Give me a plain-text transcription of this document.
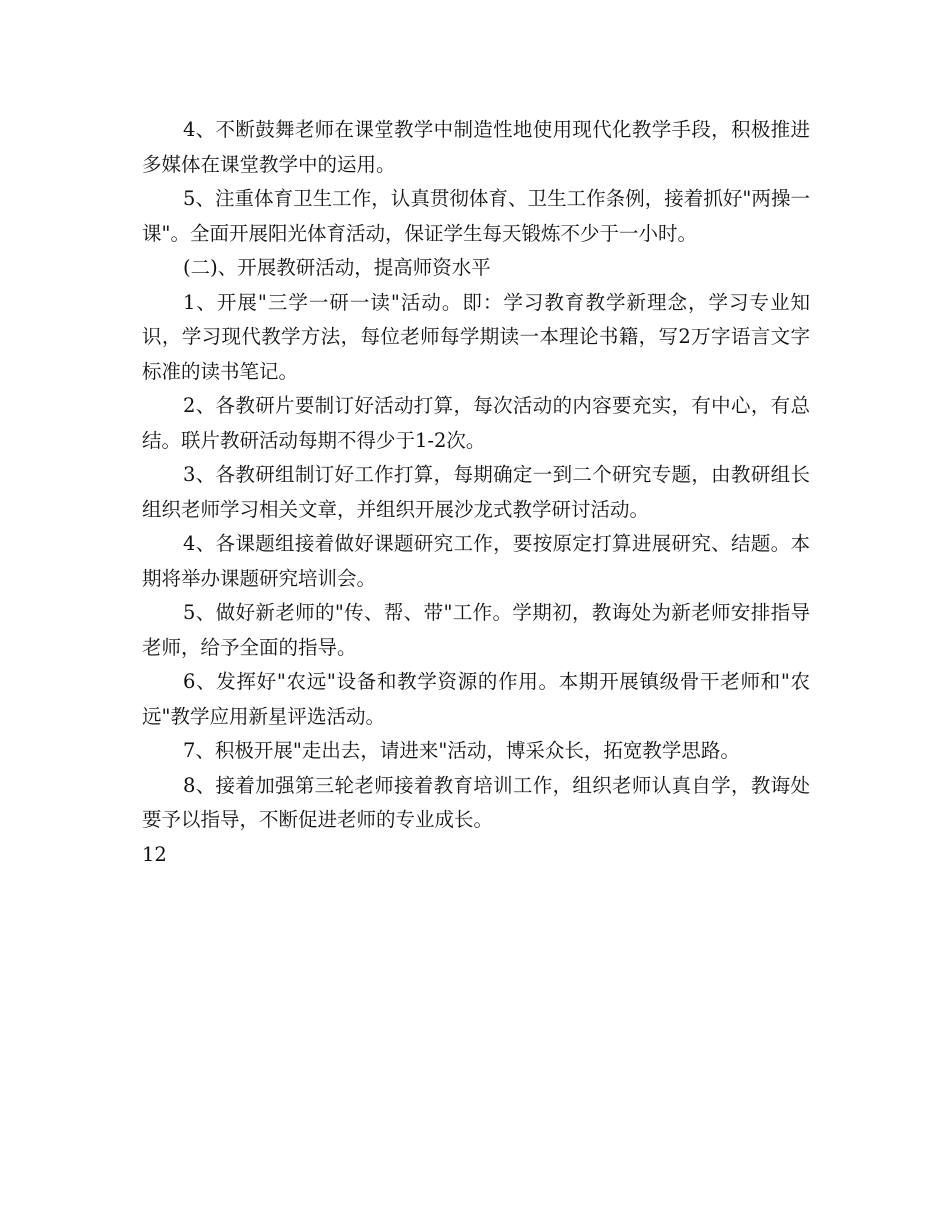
4、不断鼓舞老师在课堂教学中制造性地使用现代化教学手段，积极推进多媒体在课堂教学中的运用。

5、注重体育卫生工作，认真贯彻体育、卫生工作条例，接着抓好"两操一课"。全面开展阳光体育活动，保证学生每天锻炼不少于一小时。

(二)、开展教研活动，提高师资水平

1、开展"三学一研一读"活动。即：学习教育教学新理念，学习专业知识，学习现代教学方法，每位老师每学期读一本理论书籍，写2万字语言文字标准的读书笔记。

2、各教研片要制订好活动打算，每次活动的内容要充实，有中心，有总结。联片教研活动每期不得少于1-2次。

3、各教研组制订好工作打算，每期确定一到二个研究专题，由教研组长组织老师学习相关文章，并组织开展沙龙式教学研讨活动。

4、各课题组接着做好课题研究工作，要按原定打算进展研究、结题。本期将举办课题研究培训会。

5、做好新老师的"传、帮、带"工作。学期初，教诲处为新老师安排指导老师，给予全面的指导。

6、发挥好"农远"设备和教学资源的作用。本期开展镇级骨干老师和"农远"教学应用新星评选活动。

7、积极开展"走出去，请进来"活动，博采众长，拓宽教学思路。

8、接着加强第三轮老师接着教育培训工作，组织老师认真自学，教诲处要予以指导，不断促进老师的专业成长。

12
